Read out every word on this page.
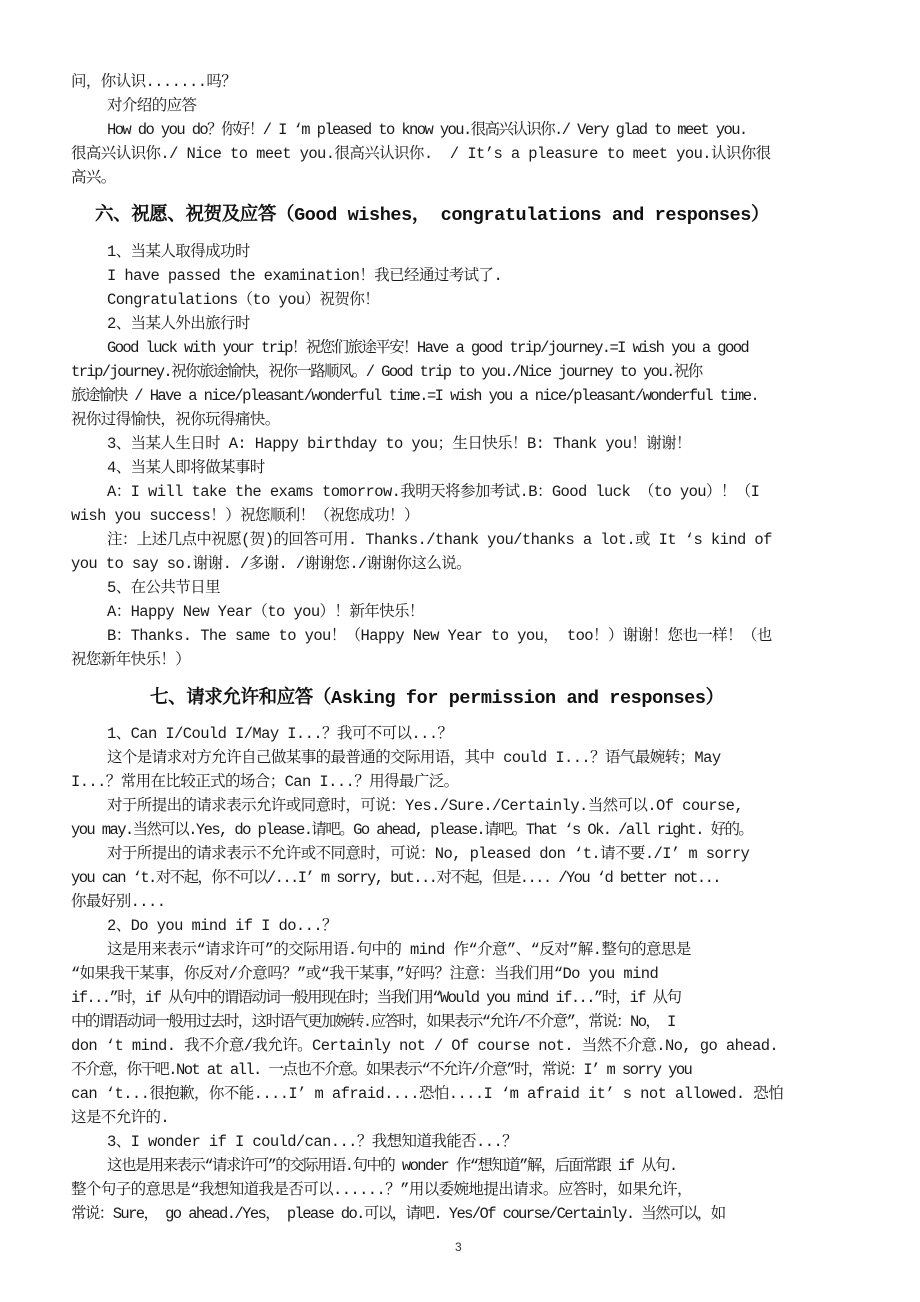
问，你认识.......吗？
对介绍的应答
How do you do？你好！/ I ‘m pleased to know you.很高兴认识你./ Very glad to meet you.
很高兴认识你./ Nice to meet you.很高兴认识你.  / It’s a pleasure to meet you.认识你很
高兴。
六、祝愿、祝贺及应答（Good wishes， congratulations and responses）
1、当某人取得成功时
I have passed the examination！我已经通过考试了.
Congratulations（to you）祝贺你！
2、当某人外出旅行时
Good luck with your trip！祝您们旅途平安！Have a good trip/journey.=I wish you a good
trip/journey.祝你旅途愉快，祝你一路顺风。/ Good trip to you./Nice journey to you.祝你
旅途愉快 / Have a nice/pleasant/wonderful time.=I wish you a nice/pleasant/wonderful time.
祝你过得愉快，祝你玩得痛快。
3、当某人生日时 A: Happy birthday to you；生日快乐！B: Thank you！谢谢！
4、当某人即将做某事时
A：I will take the exams tomorrow.我明天将参加考试.B：Good luck （to you）！（I
wish you success！）祝您顺利！（祝您成功！）
注：上述几点中祝愿(贺)的回答可用. Thanks./thank you/thanks a lot.或 It ‘s kind of
you to say so.谢谢. /多谢. /谢谢您./谢谢你这么说。
5、在公共节日里
A：Happy New Year（to you）！新年快乐！
B：Thanks. The same to you！（Happy New Year to you， too！）谢谢！您也一样！（也
祝您新年快乐！）
七、请求允许和应答（Asking for permission and responses）
1、Can I/Could I/May I...？我可不可以...？
这个是请求对方允许自己做某事的最普通的交际用语，其中 could I...？语气最婉转；May
I...？常用在比较正式的场合；Can I...？用得最广泛。
对于所提出的请求表示允许或同意时，可说：Yes./Sure./Certainly.当然可以.Of course,
you may.当然可以.Yes, do please.请吧。Go ahead, please.请吧。That ‘s Ok. /all right. 好的。
对于所提出的请求表示不允许或不同意时，可说：No, pleased don ‘t.请不要./I’ m sorry
you can ‘t.对不起，你不可以/...I’ m sorry, but...对不起，但是.... /You ‘d better not...
你最好别....
2、Do you mind if I do...？
这是用来表示“请求许可”的交际用语.句中的 mind 作“介意”、“反对”解.整句的意思是
“如果我干某事，你反对/介意吗？”或“我干某事，”好吗？注意：当我们用“Do you mind
if...”时，if 从句中的谓语动词一般用现在时；当我们用“Would you mind if...”时，if 从句
中的谓语动词一般用过去时，这时语气更加婉转.应答时，如果表示“允许/不介意”，常说：No， I
don ‘t mind. 我不介意/我允许。Certainly not / Of course not. 当然不介意.No, go ahead.
不介意，你干吧.Not at all. 一点也不介意。如果表示“不允许/介意”时，常说：I’ m sorry you
can ‘t...很抱歉，你不能....I’ m afraid....恐怕....I ‘m afraid it’ s not allowed. 恐怕
这是不允许的.
3、I wonder if I could/can...？我想知道我能否...？
这也是用来表示“请求许可”的交际用语.句中的 wonder 作“想知道”解，后面常跟 if 从句.
整个句子的意思是“我想知道我是否可以......？”用以委婉地提出请求。应答时，如果允许，
常说：Sure， go ahead./Yes， please do.可以，请吧. Yes/Of course/Certainly. 当然可以，如
3
